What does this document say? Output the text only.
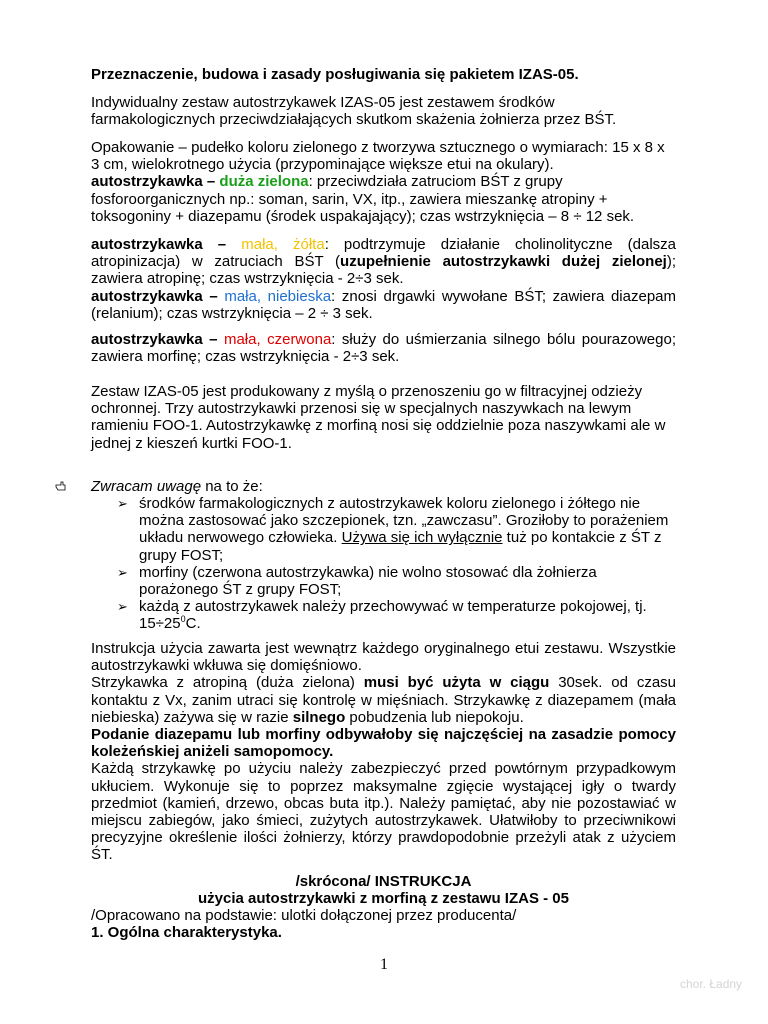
Przeznaczenie, budowa i zasady posługiwania się pakietem IZAS-05.
Indywidualny zestaw autostrzykawek IZAS-05 jest zestawem środków farmakologicznych przeciwdziałających skutkom skażenia żołnierza przez BŚT.
Opakowanie – pudełko koloru zielonego z tworzywa sztucznego o wymiarach: 15 x 8 x 3 cm, wielokrotnego użycia (przypominające większe etui na okulary).
autostrzykawka – duża zielona: przeciwdziała zatruciom BŚT z grupy fosforoorganicznych np.: soman, sarin, VX, itp., zawiera mieszankę atropiny + toksogoniny + diazepamu (środek uspakajający); czas wstrzyknięcia – 8 ÷ 12 sek.
autostrzykawka – mała, żółta: podtrzymuje działanie cholinolityczne (dalsza atropinizacja) w zatruciach BŚT (uzupełnienie autostrzykawki dużej zielonej); zawiera atropinę; czas wstrzyknięcia - 2÷3 sek.
autostrzykawka – mała, niebieska: znosi drgawki wywołane BŚT; zawiera diazepam (relanium); czas wstrzyknięcia – 2 ÷ 3 sek.
autostrzykawka – mała, czerwona: służy do uśmierzania silnego bólu pourazowego; zawiera morfinę; czas wstrzyknięcia - 2÷3 sek.
Zestaw IZAS-05 jest produkowany z myślą o przenoszeniu go w filtracyjnej odzieży ochronnej. Trzy autostrzykawki przenosi się w specjalnych naszywkach na lewym ramieniu FOO-1. Autostrzykawkę z morfiną nosi się oddzielnie poza naszywkami ale w jednej z kieszeń kurtki FOO-1.
Zwracam uwagę na to że:
➢ środków farmakologicznych z autostrzykawek koloru zielonego i żółtego nie można zastosować jako szczepionek, tzn. „zawczasu”. Groziłoby to porażeniem układu nerwowego człowieka. Używa się ich wyłącznie tuż po kontakcie z ŚT z grupy FOST;
➢ morfiny (czerwona autostrzykawka) nie wolno stosować dla żołnierza porażonego ŚT z grupy FOST;
➢ każdą z autostrzykawek należy przechowywać w temperaturze pokojowej, tj. $15\div 25^0C$.
Instrukcja użycia zawarta jest wewnątrz każdego oryginalnego etui zestawu. Wszystkie autostrzykawki wkłuwa się domięśniowo.
Strzykawka z atropiną (duża zielona) musi być użyta w ciągu 30sek. od czasu kontaktu z Vx, zanim utraci się kontrolę w mięśniach. Strzykawkę z diazepamem (mała niebieska) zażywa się w razie silnego pobudzenia lub niepokoju.
Podanie diazepamu lub morfiny odbywałoby się najczęściej na zasadzie pomocy koleżeńskiej aniżeli samopomocy.
Każdą strzykawkę po użyciu należy zabezpieczyć przed powtórnym przypadkowym ukłuciem. Wykonuje się to poprzez maksymalne zgięcie wystającej igły o twardy przedmiot (kamień, drzewo, obcas buta itp.). Należy pamiętać, aby nie pozostawiać w miejscu zabiegów, jako śmieci, zużytych autostrzykawek. Ułatwiłoby to przeciwnikowi precyzyjne określenie ilości żołnierzy, którzy prawdopodobnie przeżyli atak z użyciem ŚT.
/skrócona/ INSTRUKCJA
użycia autostrzykawki z morfiną z zestawu IZAS - 05
/Opracowano na podstawie: ulotki dołączonej przez producenta/
1. Ogólna charakterystyka.
1
chor. Ładny
